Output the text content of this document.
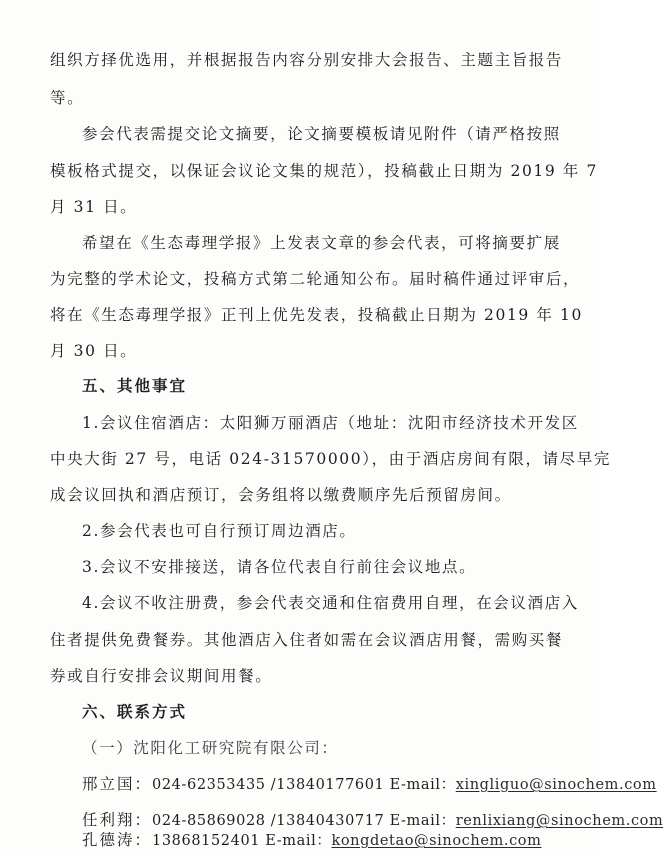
组织方择优选用，并根据报告内容分别安排大会报告、主题主旨报告
等。
参会代表需提交论文摘要，论文摘要模板请见附件（请严格按照
模板格式提交，以保证会议论文集的规范），投稿截止日期为 2019 年 7
月 31 日。
希望在《生态毒理学报》上发表文章的参会代表，可将摘要扩展
为完整的学术论文，投稿方式第二轮通知公布。届时稿件通过评审后，
将在《生态毒理学报》正刊上优先发表，投稿截止日期为 2019 年 10
月 30 日。
五、其他事宜
1.会议住宿酒店：太阳狮万丽酒店（地址：沈阳市经济技术开发区
中央大街 27 号，电话 024-31570000），由于酒店房间有限，请尽早完
成会议回执和酒店预订，会务组将以缴费顺序先后预留房间。
2.参会代表也可自行预订周边酒店。
3.会议不安排接送，请各位代表自行前往会议地点。
4.会议不收注册费，参会代表交通和住宿费用自理，在会议酒店入
住者提供免费餐券。其他酒店入住者如需在会议酒店用餐，需购买餐
券或自行安排会议期间用餐。
六、联系方式
（一）沈阳化工研究院有限公司：
邢立国：024-62353435 /13840177601 E-mail：xingliguo@sinochem.com
任利翔：024-85869028 /13840430717 E-mail：renlixiang@sinochem.com
孔德涛：13868152401 E-mail：kongdetao@sinochem.com
